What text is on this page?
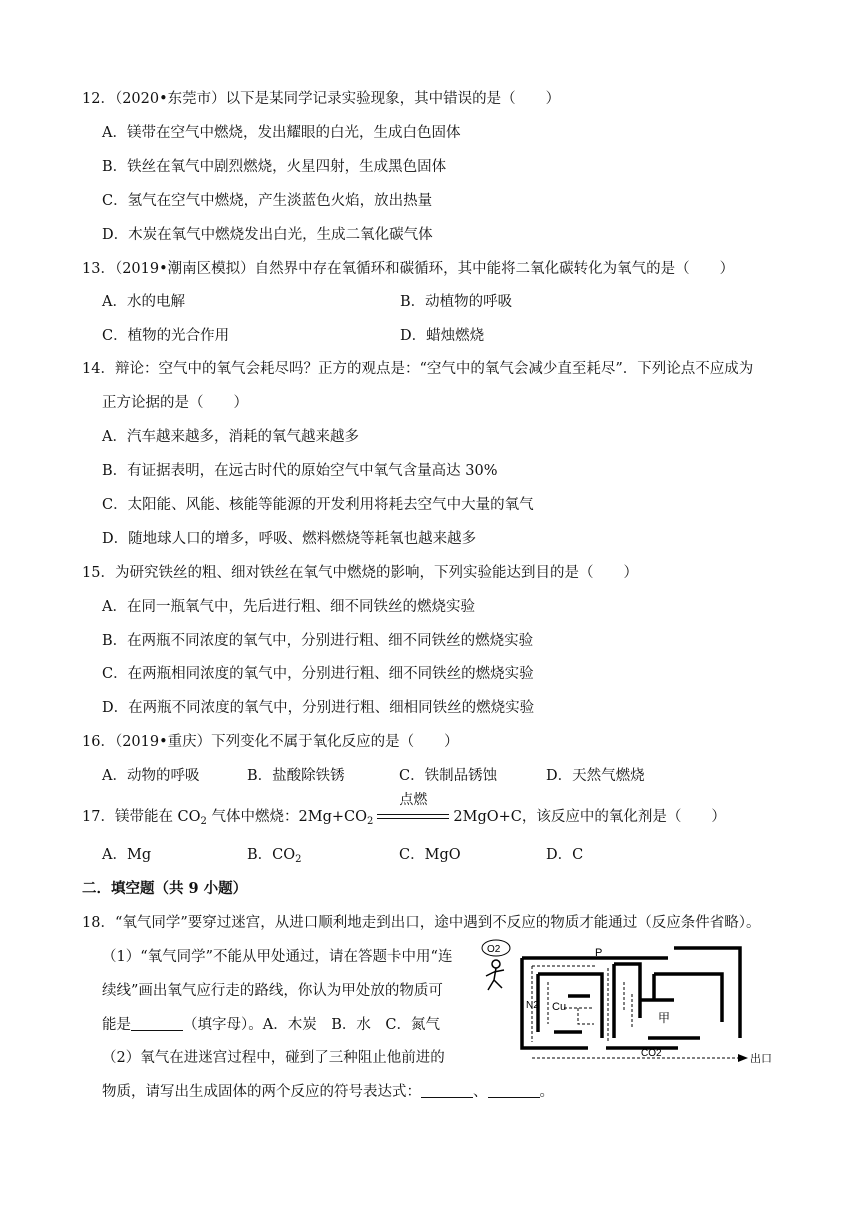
12．（2020•东莞市）以下是某同学记录实验现象，其中错误的是（ ）
A．镁带在空气中燃烧，发出耀眼的白光，生成白色固体
B．铁丝在氧气中剧烈燃烧，火星四射，生成黑色固体
C．氢气在空气中燃烧，产生淡蓝色火焰，放出热量
D．木炭在氧气中燃烧发出白光，生成二氧化碳气体
13．（2019•潮南区模拟）自然界中存在氧循环和碳循环，其中能将二氧化碳转化为氧气的是（ ）
A．水的电解	B．动植物的呼吸
C．植物的光合作用	D．蜡烛燃烧
14．辩论：空气中的氧气会耗尽吗？正方的观点是：“空气中的氧气会减少直至耗尽”．下列论点不应成为
正方论据的是（ ）
A．汽车越来越多，消耗的氧气越来越多
B．有证据表明，在远古时代的原始空气中氧气含量高达 30%
C．太阳能、风能、核能等能源的开发利用将耗去空气中大量的氧气
D．随地球人口的增多，呼吸、燃料燃烧等耗氧也越来越多
15．为研究铁丝的粗、细对铁丝在氧气中燃烧的影响，下列实验能达到目的是（ ）
A．在同一瓶氧气中，先后进行粗、细不同铁丝的燃烧实验
B．在两瓶不同浓度的氧气中，分别进行粗、细不同铁丝的燃烧实验
C．在两瓶相同浓度的氧气中，分别进行粗、细不同铁丝的燃烧实验
D．在两瓶不同浓度的氧气中，分别进行粗、细相同铁丝的燃烧实验
16．（2019•重庆）下列变化不属于氧化反应的是（ ）
A．动物的呼吸	B．盐酸除铁锈	C．铁制品锈蚀	D．天然气燃烧
17．镁带能在 $CO_2$ 气体中燃烧：$2Mg+CO_2$
点燃
2MgO+C，该反应中的氧化剂是（ ）
A．Mg	B．$CO_2$	C．MgO	D．C
二．填空题（共 9 小题）
18．“氧气同学”要穿过迷宫，从进口顺利地走到出口，途中遇到不反应的物质才能通过（反应条件省略）。
（1）“氧气同学”不能从甲处通过，请在答题卡中用“连
续线”画出氧气应行走的路线，你认为甲处放的物质可
能是	（填字母）。A．木炭　B．水　C．氮气
（2）氧气在进迷宫过程中，碰到了三种阻止他前进的
物质，请写出生成固体的两个反应的符号表达式：	、	。
O2	P
N2 Cu
甲
CO2	出口
